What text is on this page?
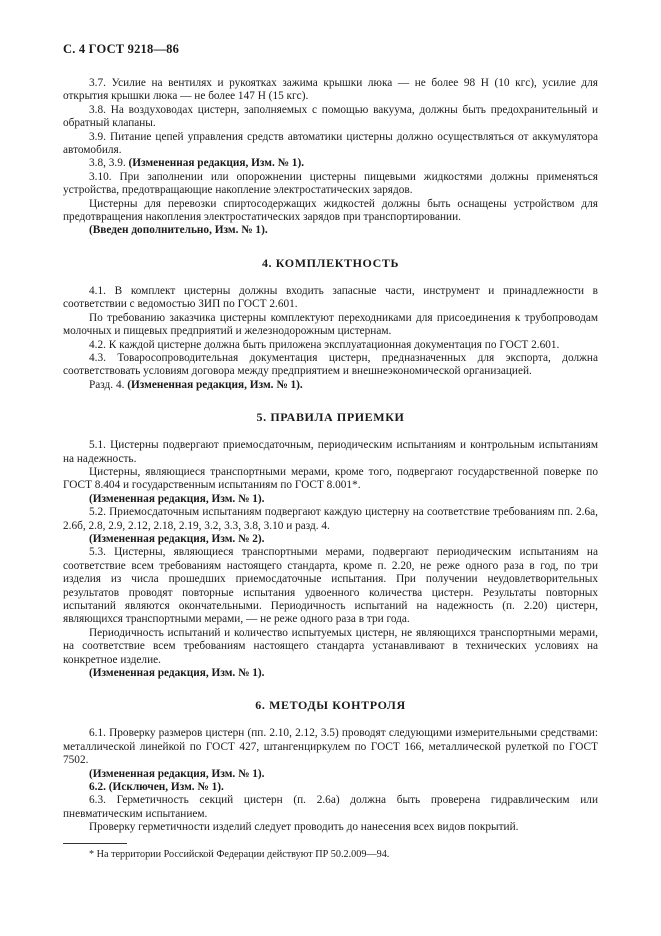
С. 4 ГОСТ 9218—86

3.7. Усилие на вентилях и рукоятках зажима крышки люка — не более 98 Н (10 кгс), усилие для открытия крышки люка — не более 147 Н (15 кгс).

3.8. На воздуховодах цистерн, заполняемых с помощью вакуума, должны быть предохранительный и обратный клапаны.

3.9. Питание цепей управления средств автоматики цистерны должно осуществляться от аккумулятора автомобиля.

3.8, 3.9. (Измененная редакция, Изм. № 1).

3.10. При заполнении или опорожнении цистерны пищевыми жидкостями должны применяться устройства, предотвращающие накопление электростатических зарядов.

Цистерны для перевозки спиртосодержащих жидкостей должны быть оснащены устройством для предотвращения накопления электростатических зарядов при транспортировании.

(Введен дополнительно, Изм. № 1).

4. КОМПЛЕКТНОСТЬ

4.1. В комплект цистерны должны входить запасные части, инструмент и принадлежности в соответствии с ведомостью ЗИП по ГОСТ 2.601.

По требованию заказчика цистерны комплектуют переходниками для присоединения к трубопроводам молочных и пищевых предприятий и железнодорожным цистернам.

4.2. К каждой цистерне должна быть приложена эксплуатационная документация по ГОСТ 2.601.

4.3. Товаросопроводительная документация цистерн, предназначенных для экспорта, должна соответствовать условиям договора между предприятием и внешнеэкономической организацией.

Разд. 4. (Измененная редакция, Изм. № 1).

5. ПРАВИЛА ПРИЕМКИ

5.1. Цистерны подвергают приемосдаточным, периодическим испытаниям и контрольным испытаниям на надежность.

Цистерны, являющиеся транспортными мерами, кроме того, подвергают государственной поверке по ГОСТ 8.404 и государственным испытаниям по ГОСТ 8.001*.

(Измененная редакция, Изм. № 1).

5.2. Приемосдаточным испытаниям подвергают каждую цистерну на соответствие требованиям пп. 2.6а, 2.6б, 2.8, 2.9, 2.12, 2.18, 2.19, 3.2, 3.3, 3.8, 3.10 и разд. 4.

(Измененная редакция, Изм. № 2).

5.3. Цистерны, являющиеся транспортными мерами, подвергают периодическим испытаниям на соответствие всем требованиям настоящего стандарта, кроме п. 2.20, не реже одного раза в год, по три изделия из числа прошедших приемосдаточные испытания. При получении неудовлетворительных результатов проводят повторные испытания удвоенного количества цистерн. Результаты повторных испытаний являются окончательными. Периодичность испытаний на надежность (п. 2.20) цистерн, являющихся транспортными мерами, — не реже одного раза в три года.

Периодичность испытаний и количество испытуемых цистерн, не являющихся транспортными мерами, на соответствие всем требованиям настоящего стандарта устанавливают в технических условиях на конкретное изделие.

(Измененная редакция, Изм. № 1).

6. МЕТОДЫ КОНТРОЛЯ

6.1. Проверку размеров цистерн (пп. 2.10, 2.12, 3.5) проводят следующими измерительными средствами: металлической линейкой по ГОСТ 427, штангенциркулем по ГОСТ 166, металлической рулеткой по ГОСТ 7502.

(Измененная редакция, Изм. № 1).

6.2. (Исключен, Изм. № 1).

6.3. Герметичность секций цистерн (п. 2.6а) должна быть проверена гидравлическим или пневматическим испытанием.

Проверку герметичности изделий следует проводить до нанесения всех видов покрытий.

* На территории Российской Федерации действуют ПР 50.2.009—94.
